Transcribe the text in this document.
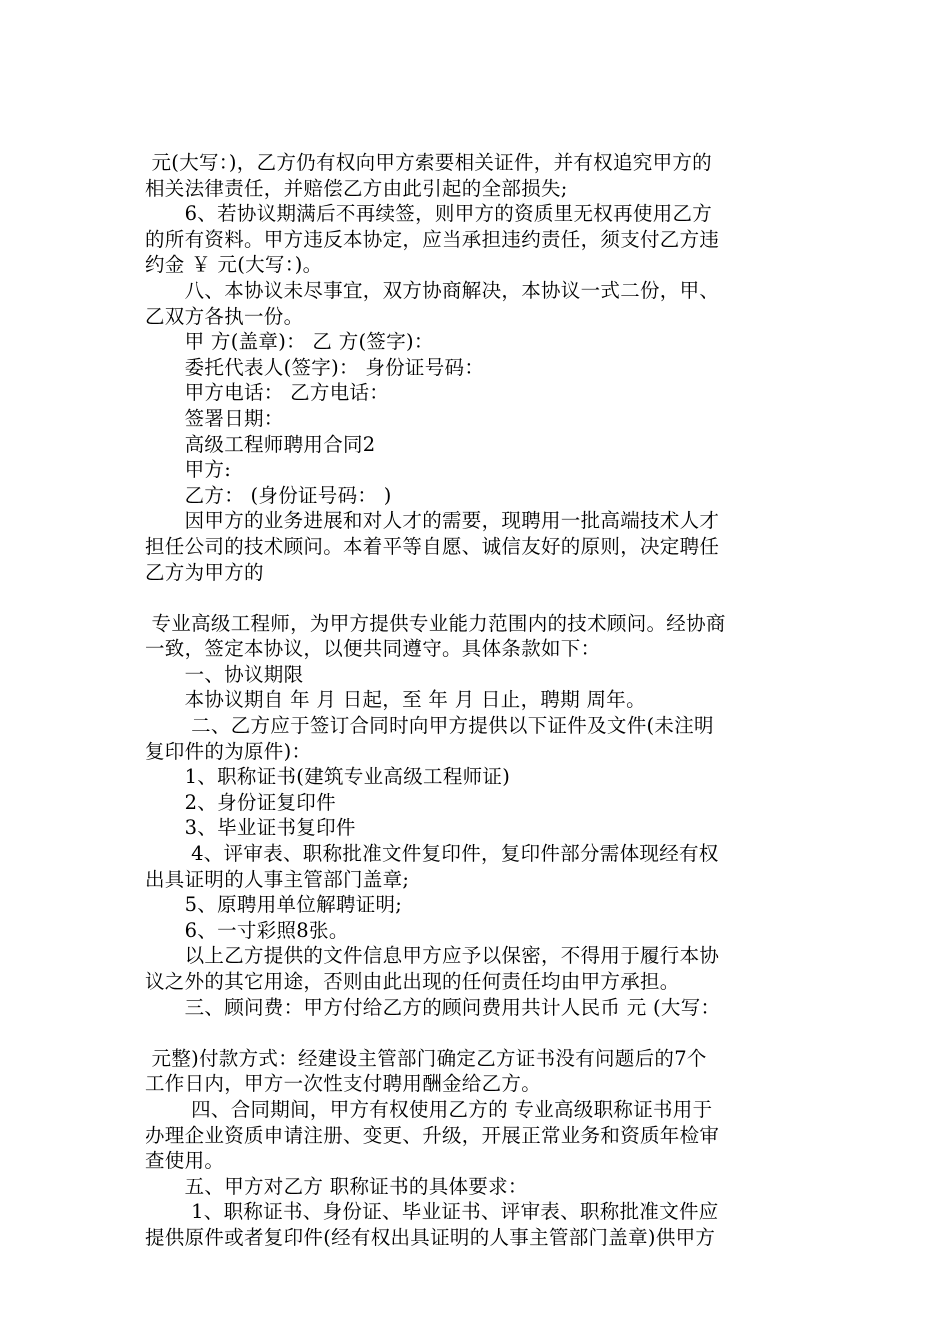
元(大写：)，乙方仍有权向甲方索要相关证件，并有权追究甲方的
相关法律责任，并赔偿乙方由此引起的全部损失;
　　6、若协议期满后不再续签，则甲方的资质里无权再使用乙方
的所有资料。甲方违反本协定，应当承担违约责任，须支付乙方违
约金 ￥ 元(大写：)。
　　八、本协议未尽事宜，双方协商解决，本协议一式二份，甲、
乙双方各执一份。
　　甲 方(盖章)： 乙 方(签字)：
　　委托代表人(签字)： 身份证号码：
　　甲方电话： 乙方电话：
　　签署日期：
　　高级工程师聘用合同2
　　甲方:
　　乙方： (身份证号码： )
　　因甲方的业务进展和对人才的需要，现聘用一批高端技术人才
担任公司的技术顾问。本着平等自愿、诚信友好的原则，决定聘任
乙方为甲方的
专业高级工程师，为甲方提供专业能力范围内的技术顾问。经协商
一致，签定本协议，以便共同遵守。具体条款如下：
　　一、协议期限
　　本协议期自 年 月 日起，至 年 月 日止，聘期 周年。
　　 二、乙方应于签订合同时向甲方提供以下证件及文件(未注明
复印件的为原件)：
　　1、职称证书(建筑专业高级工程师证)
　　2、身份证复印件
　　3、毕业证书复印件
　　 4、评审表、职称批准文件复印件，复印件部分需体现经有权
出具证明的人事主管部门盖章;
　　5、原聘用单位解聘证明;
　　6、一寸彩照8张。
　　以上乙方提供的文件信息甲方应予以保密，不得用于履行本协
议之外的其它用途，否则由此出现的任何责任均由甲方承担。
　　三、顾问费：甲方付给乙方的顾问费用共计人民币 元 (大写：
元整)付款方式：经建设主管部门确定乙方证书没有问题后的7个
工作日内，甲方一次性支付聘用酬金给乙方。
　　 四、合同期间，甲方有权使用乙方的 专业高级职称证书用于
办理企业资质申请注册、变更、升级，开展正常业务和资质年检审
查使用。
　　五、甲方对乙方 职称证书的具体要求：
　　 1、职称证书、身份证、毕业证书、评审表、职称批准文件应
提供原件或者复印件(经有权出具证明的人事主管部门盖章)供甲方
